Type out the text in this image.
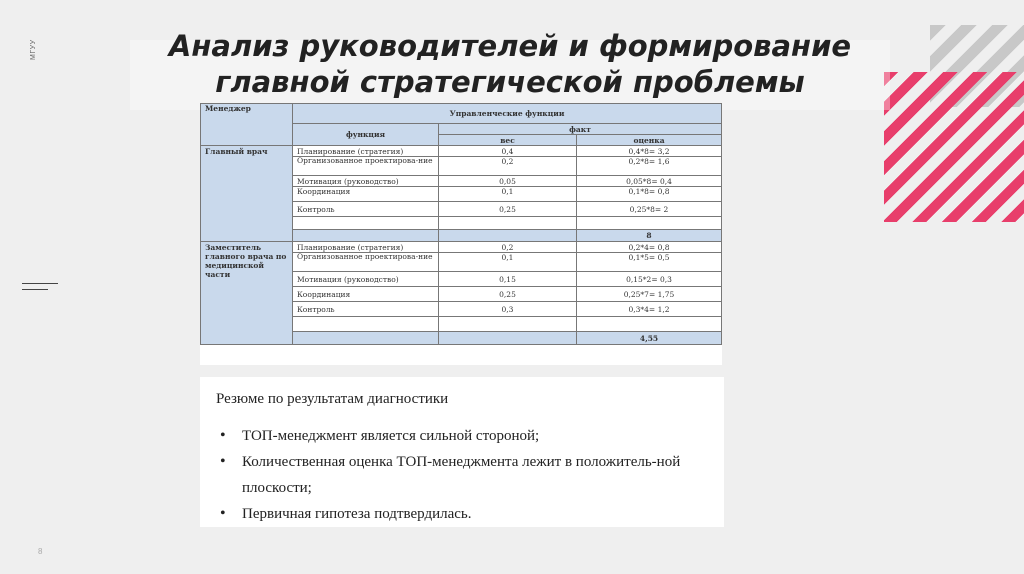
МГУУ
8
Анализ руководителей и формирование
главной стратегической проблемы
Менеджер	Управленческие функции		
	функция	факт	
		вес	оценка
Главный врач	Планирование (стратегия)	0,4	0,4*8= 3,2
	Организованное проектирова-ние	0,2	0,2*8= 1,6
	Мотивация (руководство)	0,05	0,05*8= 0,4
	Координация	0,1	0,1*8= 0,8
	Контроль	0,25	0,25*8= 2

			8
Заместитель главного врача по медицинской части	Планирование (стратегия)	0,2	0,2*4= 0,8
	Организованное проектирова-ние	0,1	0,1*5= 0,5
	Мотивация (руководство)	0,15	0,15*2= 0,3
	Координация	0,25	0,25*7= 1,75
	Контроль	0,3	0,3*4= 1,2

			4,55
Резюме по результатам диагностики
• ТОП-менеджмент является сильной стороной;
• Количественная оценка ТОП-менеджмента лежит в положитель-ной плоскости;
• Первичная гипотеза подтвердилась.
